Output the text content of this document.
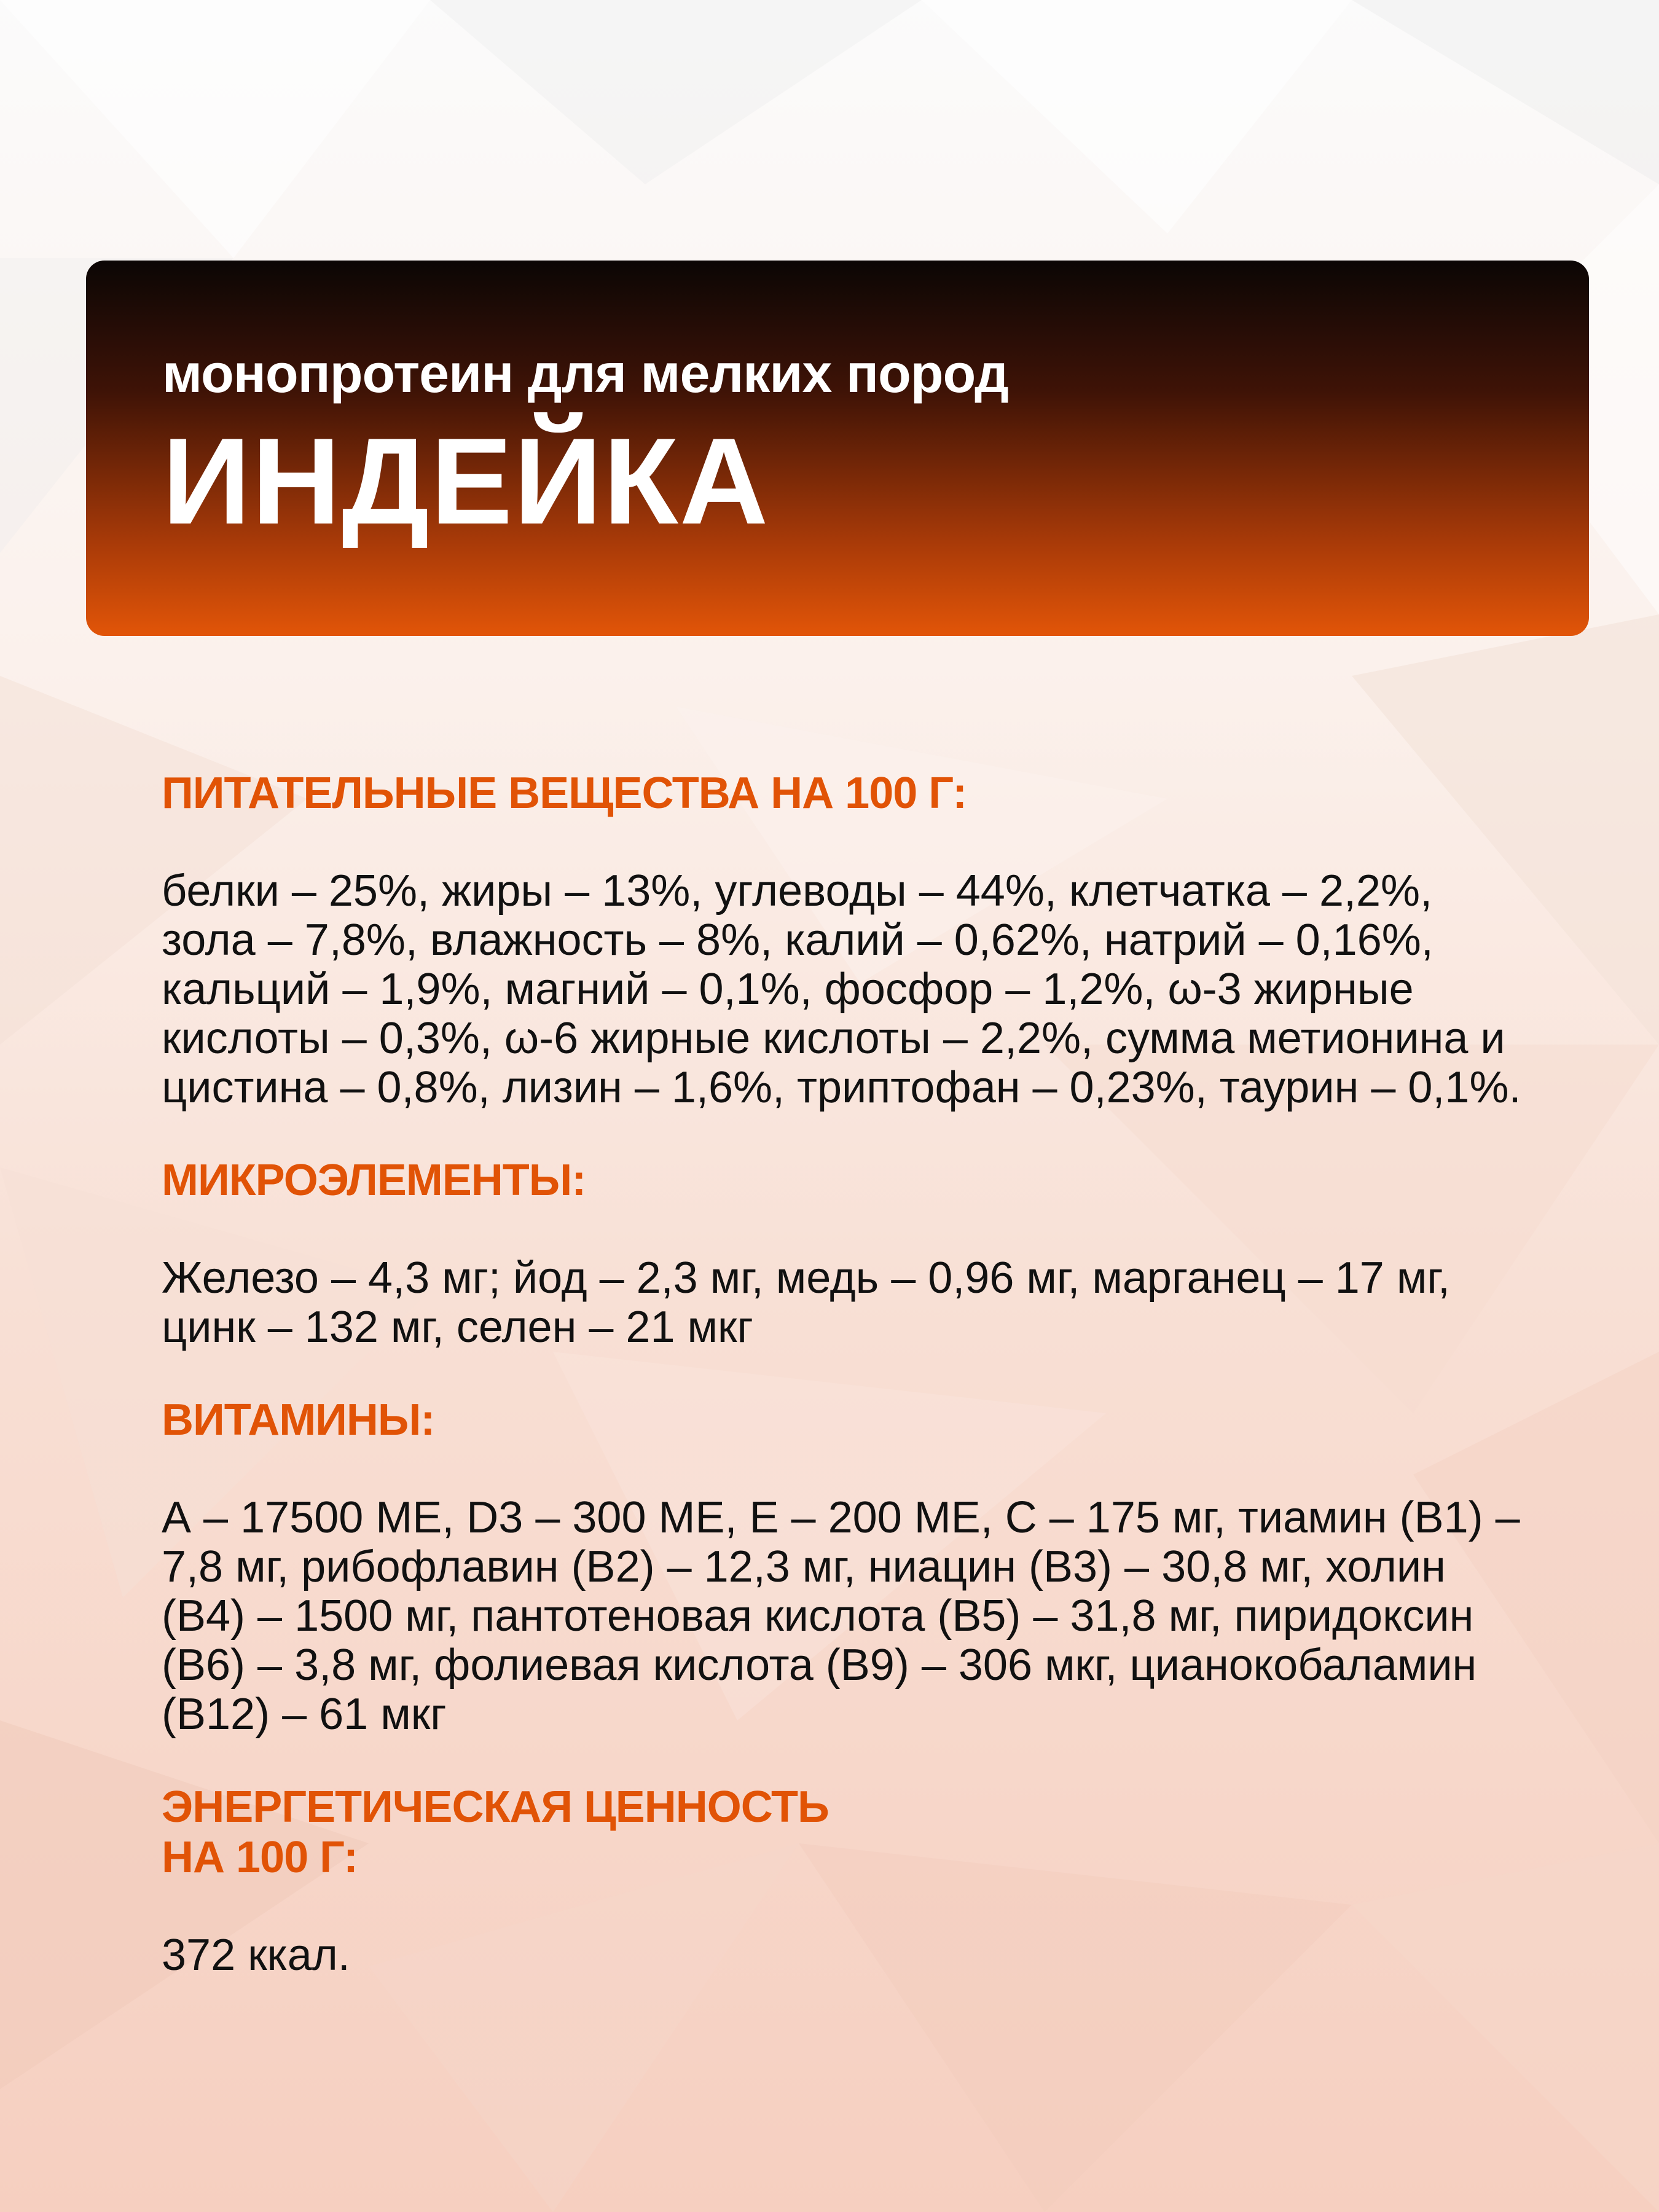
монопротеин для мелких пород
ИНДЕЙКА

ПИТАТЕЛЬНЫЕ ВЕЩЕСТВА НА 100 Г:

белки – 25%, жиры – 13%, углеводы – 44%, клетчатка – 2,2%, зола – 7,8%, влажность – 8%, калий – 0,62%, натрий – 0,16%, кальций – 1,9%, магний – 0,1%, фосфор – 1,2%, ω-3 жирные кислоты – 0,3%, ω-6 жирные кислоты – 2,2%, сумма метионина и цистина – 0,8%, лизин – 1,6%, триптофан – 0,23%, таурин – 0,1%.

МИКРОЭЛЕМЕНТЫ:

Железо – 4,3 мг; йод – 2,3 мг, медь – 0,96 мг, марганец – 17 мг, цинк – 132 мг, селен – 21 мкг

ВИТАМИНЫ:

А – 17500 МЕ, D3 – 300 МЕ, Е – 200 МЕ, С – 175 мг, тиамин (B1) – 7,8 мг, рибофлавин (B2) – 12,3 мг, ниацин (B3) – 30,8 мг, холин (B4) – 1500 мг, пантотеновая кислота (B5) – 31,8 мг, пиридоксин (B6) – 3,8 мг, фолиевая кислота (B9) – 306 мкг, цианокобаламин (B12) – 61 мкг

ЭНЕРГЕТИЧЕСКАЯ ЦЕННОСТЬ

НА 100 Г:

372 ккал.
